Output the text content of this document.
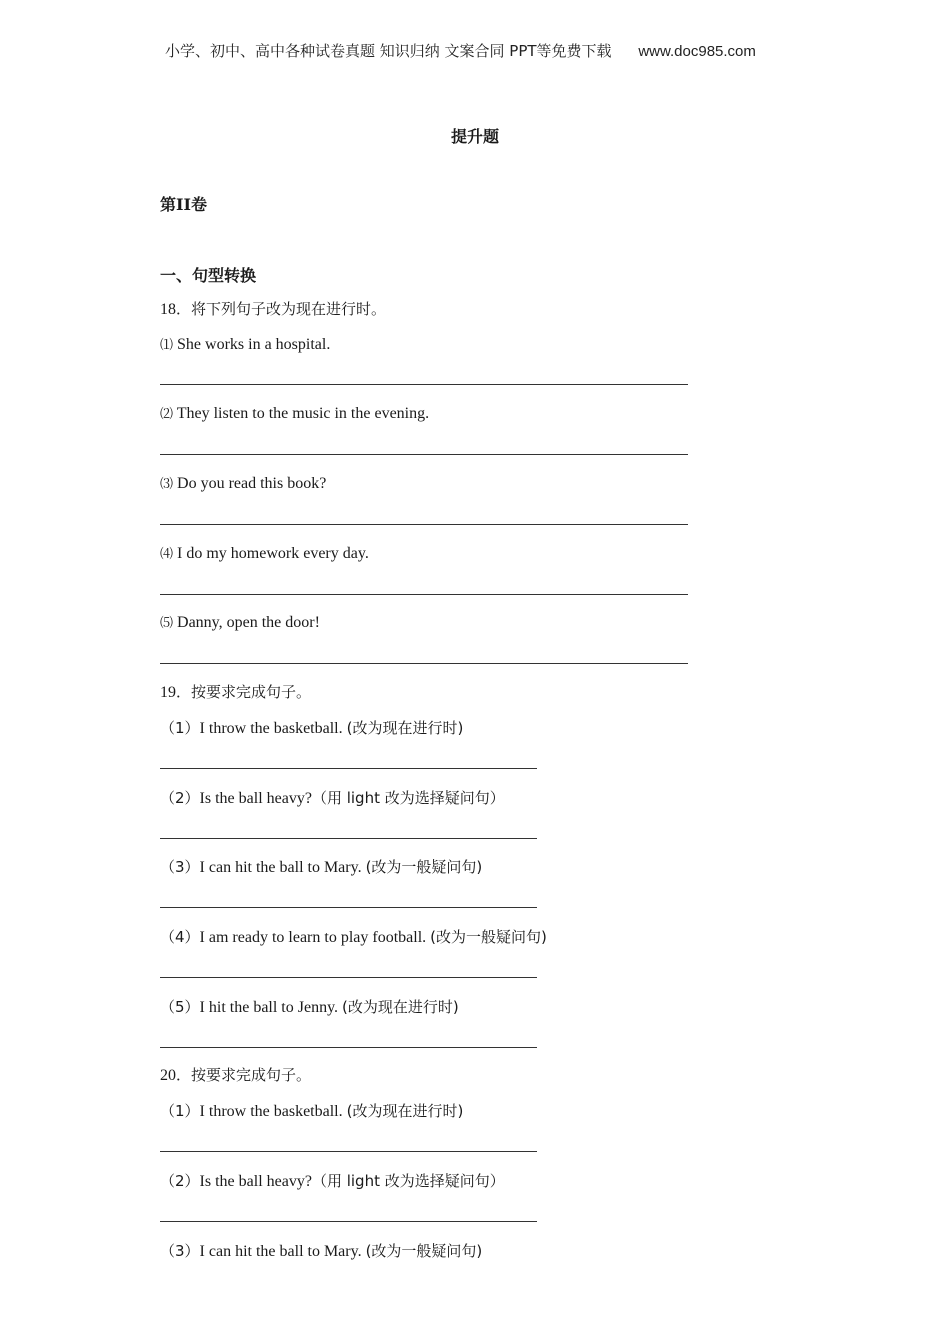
小学、初中、高中各种试卷真题 知识归纳 文案合同 PPT等免费下载 www.doc985.com
提升题
第II卷
一、句型转换
18．将下列句子改为现在进行时。
⑴ She works in a hospital.
⑵ They listen to the music in the evening.
⑶ Do you read this book?
⑷ I do my homework every day.
⑸ Danny, open the door!
19．按要求完成句子。
（1）I throw the basketball. (改为现在进行时)
（2）Is the ball heavy?（用 light 改为选择疑问句）
（3）I can hit the ball to Mary. (改为一般疑问句)
（4）I am ready to learn to play football. (改为一般疑问句)
（5）I hit the ball to Jenny. (改为现在进行时)
20．按要求完成句子。
（1）I throw the basketball. (改为现在进行时)
（2）Is the ball heavy?（用 light 改为选择疑问句）
（3）I can hit the ball to Mary. (改为一般疑问句)
